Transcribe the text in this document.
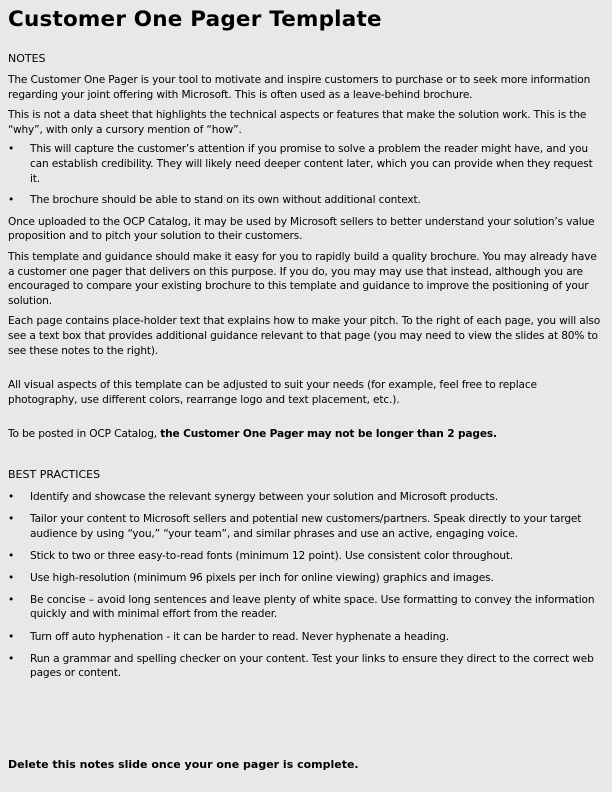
Customer One Pager Template
NOTES

The Customer One Pager is your tool to motivate and inspire customers to purchase or to seek more information regarding your joint offering with Microsoft. This is often used as a leave-behind brochure.

This is not a data sheet that highlights the technical aspects or features that make the solution work. This is the “why”, with only a cursory mention of “how”.

• This will capture the customer’s attention if you promise to solve a problem the reader might have, and you can establish credibility. They will likely need deeper content later, which you can provide when they request it.
• The brochure should be able to stand on its own without additional context.

Once uploaded to the OCP Catalog, it may be used by Microsoft sellers to better understand your solution’s value proposition and to pitch your solution to their customers.

This template and guidance should make it easy for you to rapidly build a quality brochure. You may already have a customer one pager that delivers on this purpose. If you do, you may may use that instead, although you are encouraged to compare your existing brochure to this template and guidance to improve the positioning of your solution.

Each page contains place-holder text that explains how to make your pitch. To the right of each page, you will also see a text box that provides additional guidance relevant to that page (you may need to view the slides at 80% to see these notes to the right).

All visual aspects of this template can be adjusted to suit your needs (for example, feel free to replace photography, use different colors, rearrange logo and text placement, etc.).

To be posted in OCP Catalog, the Customer One Pager may not be longer than 2 pages.

BEST PRACTICES
• Identify and showcase the relevant synergy between your solution and Microsoft products.
• Tailor your content to Microsoft sellers and potential new customers/partners. Speak directly to your target audience by using “you,” “your team”, and similar phrases and use an active, engaging voice.
• Stick to two or three easy-to-read fonts (minimum 12 point). Use consistent color throughout.
• Use high-resolution (minimum 96 pixels per inch for online viewing) graphics and images.
• Be concise – avoid long sentences and leave plenty of white space. Use formatting to convey the information quickly and with minimal effort from the reader.
• Turn off auto hyphenation - it can be harder to read. Never hyphenate a heading.
• Run a grammar and spelling checker on your content. Test your links to ensure they direct to the correct web pages or content.
Delete this notes slide once your one pager is complete.
